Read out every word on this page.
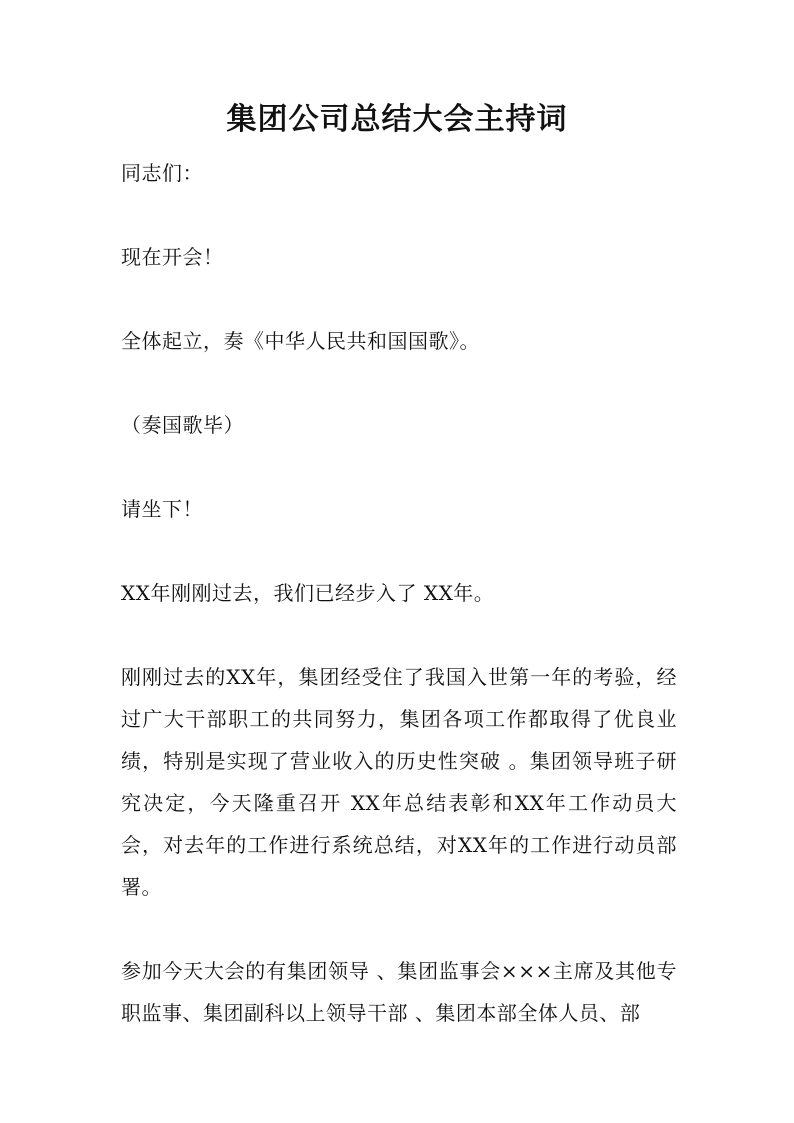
集团公司总结大会主持词

同志们：

现在开会！

全体起立，奏《中华人民共和国国歌》。

（奏国歌毕）

请坐下！

XX年刚刚过去，我们已经步入了 XX年。

刚刚过去的XX年，集团经受住了我国入世第一年的考验，经过广大干部职工的共同努力，集团各项工作都取得了优良业绩，特别是实现了营业收入的历史性突破 。集团领导班子研究决定，今天隆重召开 XX年总结表彰和XX年工作动员大会，对去年的工作进行系统总结，对XX年的工作进行动员部署。

参加今天大会的有集团领导 、集团监事会×××主席及其他专职监事、集团副科以上领导干部 、集团本部全体人员、部
